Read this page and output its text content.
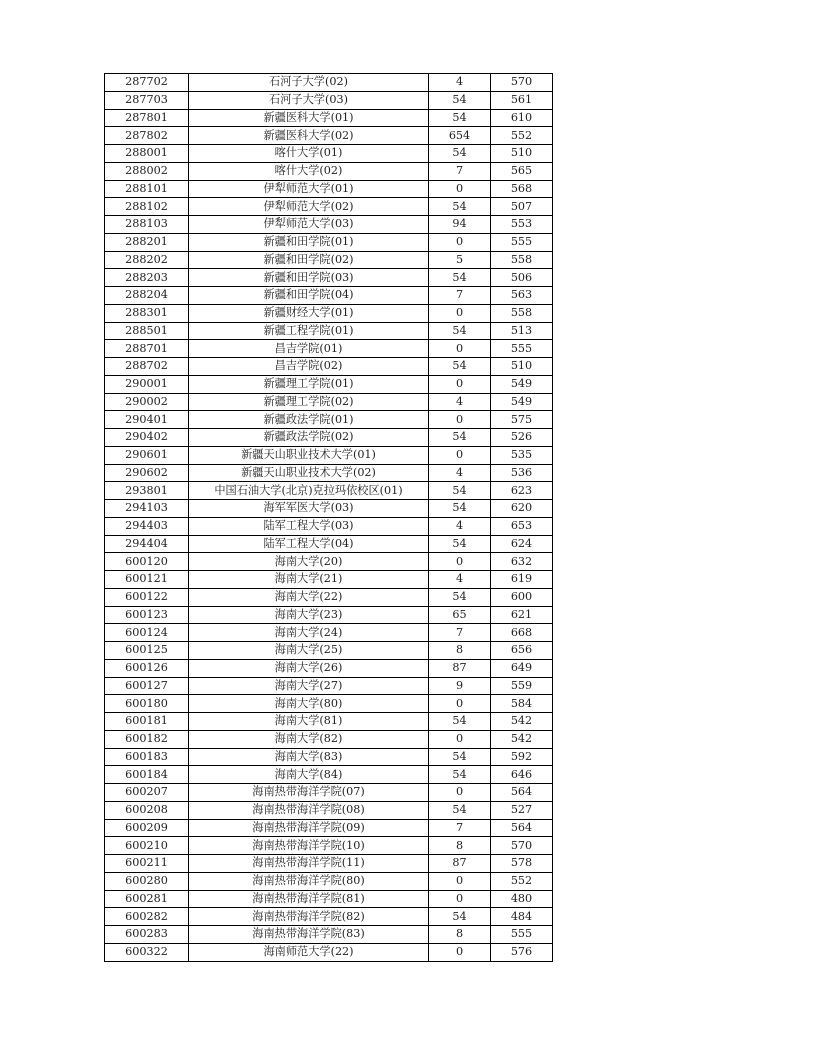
287702	石河子大学(02)	4	570
287703	石河子大学(03)	54	561
287801	新疆医科大学(01)	54	610
287802	新疆医科大学(02)	654	552
288001	喀什大学(01)	54	510
288002	喀什大学(02)	7	565
288101	伊犁师范大学(01)	0	568
288102	伊犁师范大学(02)	54	507
288103	伊犁师范大学(03)	94	553
288201	新疆和田学院(01)	0	555
288202	新疆和田学院(02)	5	558
288203	新疆和田学院(03)	54	506
288204	新疆和田学院(04)	7	563
288301	新疆财经大学(01)	0	558
288501	新疆工程学院(01)	54	513
288701	昌吉学院(01)	0	555
288702	昌吉学院(02)	54	510
290001	新疆理工学院(01)	0	549
290002	新疆理工学院(02)	4	549
290401	新疆政法学院(01)	0	575
290402	新疆政法学院(02)	54	526
290601	新疆天山职业技术大学(01)	0	535
290602	新疆天山职业技术大学(02)	4	536
293801	中国石油大学(北京)克拉玛依校区(01)	54	623
294103	海军军医大学(03)	54	620
294403	陆军工程大学(03)	4	653
294404	陆军工程大学(04)	54	624
600120	海南大学(20)	0	632
600121	海南大学(21)	4	619
600122	海南大学(22)	54	600
600123	海南大学(23)	65	621
600124	海南大学(24)	7	668
600125	海南大学(25)	8	656
600126	海南大学(26)	87	649
600127	海南大学(27)	9	559
600180	海南大学(80)	0	584
600181	海南大学(81)	54	542
600182	海南大学(82)	0	542
600183	海南大学(83)	54	592
600184	海南大学(84)	54	646
600207	海南热带海洋学院(07)	0	564
600208	海南热带海洋学院(08)	54	527
600209	海南热带海洋学院(09)	7	564
600210	海南热带海洋学院(10)	8	570
600211	海南热带海洋学院(11)	87	578
600280	海南热带海洋学院(80)	0	552
600281	海南热带海洋学院(81)	0	480
600282	海南热带海洋学院(82)	54	484
600283	海南热带海洋学院(83)	8	555
600322	海南师范大学(22)	0	576
